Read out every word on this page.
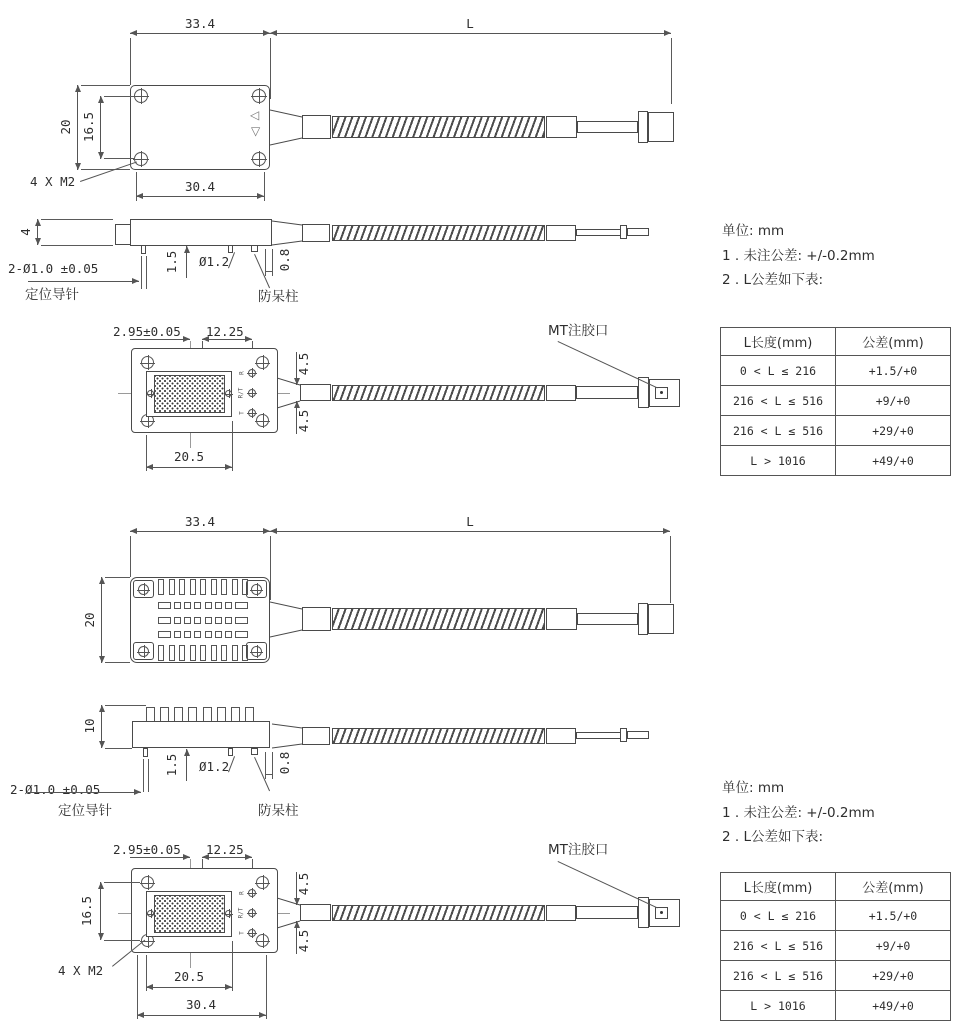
33.4	L
◁
▽
20 16.5
4 X M2	30.4
4
1.5 Ø1.2	0.8
2-Ø1.0 ±0.05
定位导针	防呆柱
2.95±0.05 12.25
R
R/T
T
4.5
4.5
20.5
MT注胶口
单位: mm
1 . 未注公差: +/-0.2mm
2 . L公差如下表:
L长度(mm)	公差(mm)
0 < L ≤ 216	+1.5/+0
216 < L ≤ 516	+9/+0
216 < L ≤ 516	+29/+0
L > 1016	+49/+0
33.4	L
20
10
1.5 Ø1.2	0.8
2-Ø1.0 ±0.05
定位导针	防呆柱
2.95±0.05 12.25
R
R/T
T
16.5
4.5
4.5
4 X M2	20.5
30.4
MT注胶口
单位: mm
1 . 未注公差: +/-0.2mm
2 . L公差如下表:
L长度(mm)	公差(mm)
0 < L ≤ 216	+1.5/+0
216 < L ≤ 516	+9/+0
216 < L ≤ 516	+29/+0
L > 1016	+49/+0
